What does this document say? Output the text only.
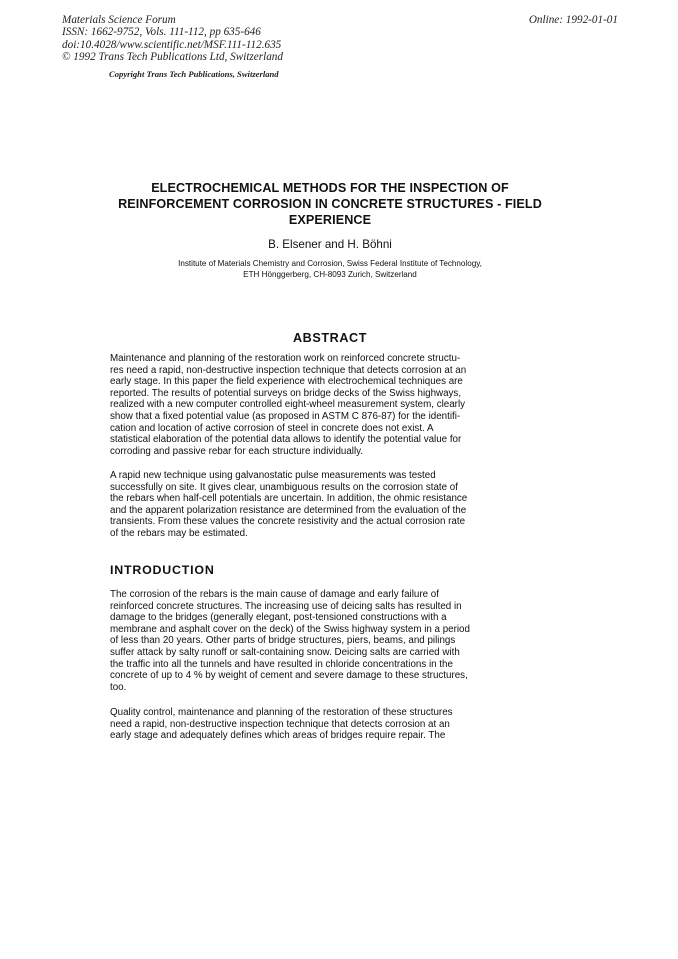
Materials Science Forum
ISSN: 1662-9752, Vols. 111-112, pp 635-646
doi:10.4028/www.scientific.net/MSF.111-112.635
© 1992 Trans Tech Publications Ltd, Switzerland
Online: 1992-01-01
Copyright Trans Tech Publications, Switzerland
ELECTROCHEMICAL METHODS FOR THE INSPECTION OF
REINFORCEMENT CORROSION IN CONCRETE STRUCTURES - FIELD
EXPERIENCE
B. Elsener and H. Böhni
Institute of Materials Chemistry and Corrosion, Swiss Federal Institute of Technology,
ETH Hönggerberg, CH-8093 Zurich, Switzerland
ABSTRACT
Maintenance and planning of the restoration work on reinforced concrete structu-
res need a rapid, non-destructive inspection technique that detects corrosion at an
early stage. In this paper the field experience with electrochemical techniques are
reported. The results of potential surveys on bridge decks of the Swiss highways,
realized with a new computer controlled eight-wheel measurement system, clearly
show that a fixed potential value (as proposed in ASTM C 876-87) for the identifi-
cation and location of active corrosion of steel in concrete does not exist. A
statistical elaboration of the potential data allows to identify the potential value for
corroding and passive rebar for each structure individually.
A rapid new technique using galvanostatic pulse measurements was tested
successfully on site. It gives clear, unambiguous results on the corrosion state of
the rebars when half-cell potentials are uncertain. In addition, the ohmic resistance
and the apparent polarization resistance are determined from the evaluation of the
transients. From these values the concrete resistivity and the actual corrosion rate
of the rebars may be estimated.
INTRODUCTION
The corrosion of the rebars is the main cause of damage and early failure of
reinforced concrete structures. The increasing use of deicing salts has resulted in
damage to the bridges (generally elegant, post-tensioned constructions with a
membrane and asphalt cover on the deck) of the Swiss highway system in a period
of less than 20 years. Other parts of bridge structures, piers, beams, and pilings
suffer attack by salty runoff or salt-containing snow. Deicing salts are carried with
the traffic into all the tunnels and have resulted in chloride concentrations in the
concrete of up to 4 % by weight of cement and severe damage to these structures,
too.
Quality control, maintenance and planning of the restoration of these structures
need a rapid, non-destructive inspection technique that detects corrosion at an
early stage and adequately defines which areas of bridges require repair. The
